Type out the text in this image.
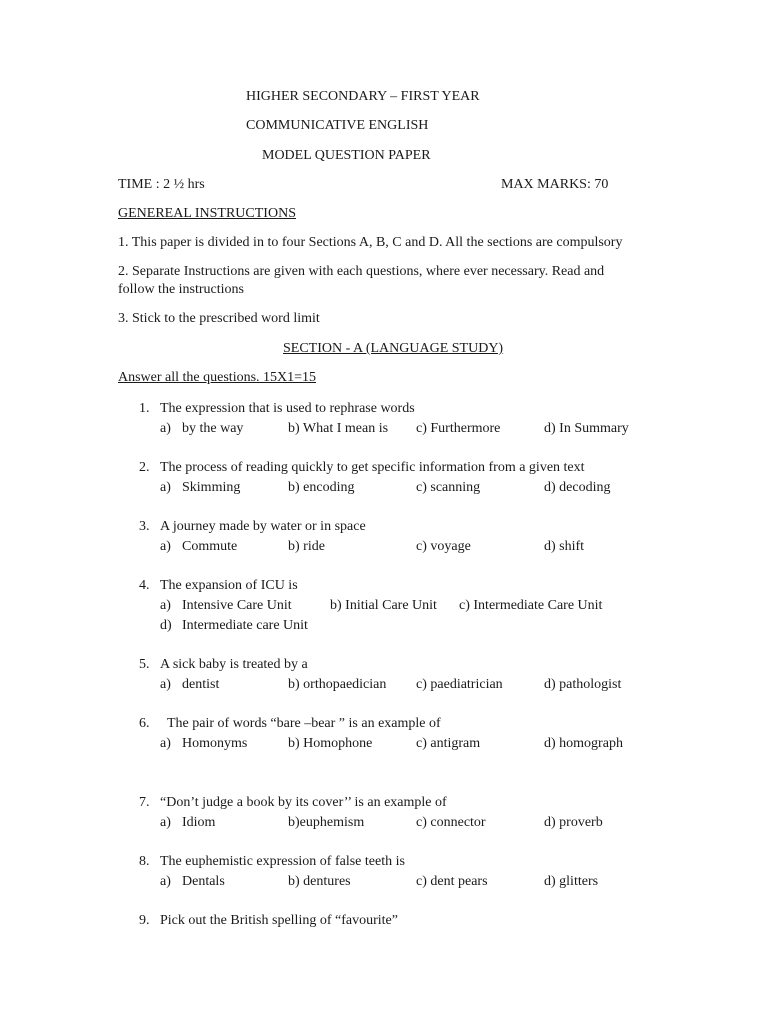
HIGHER SECONDARY – FIRST YEAR
COMMUNICATIVE ENGLISH
MODEL QUESTION PAPER
TIME : 2 ½ hrs	MAX MARKS: 70
GENEREAL INSTRUCTIONS
1. This paper is divided in to four Sections A, B, C and D. All the sections are compulsory
2. Separate Instructions are given with each questions, where ever necessary. Read and
follow the instructions
3. Stick to the prescribed word limit
SECTION - A (LANGUAGE STUDY)
Answer all the questions. 15X1=15
1. The expression that is used to rephrase words
a) by the way	b) What I mean is c) Furthermore	d) In Summary
2. The process of reading quickly to get specific information from a given text
a) Skimming	b) encoding	c) scanning	d) decoding
3. A journey made by water or in space
a) Commute	b) ride	c) voyage	d) shift
4. The expansion of ICU is
a) Intensive Care Unit	b) Initial Care Unit c) Intermediate Care Unit
d) Intermediate care Unit
5. A sick baby is treated by a
a) dentist	b) orthopaedician c) paediatrician	d) pathologist
6. The pair of words “bare –bear ” is an example of
a) Homonyms	b) Homophone	c) antigram	d) homograph
7. “Don’t judge a book by its cover’’ is an example of
a) Idiom	b)euphemism	c) connector	d) proverb
8. The euphemistic expression of false teeth is
a) Dentals	b) dentures	c) dent pears	d) glitters
9. Pick out the British spelling of “favourite”
